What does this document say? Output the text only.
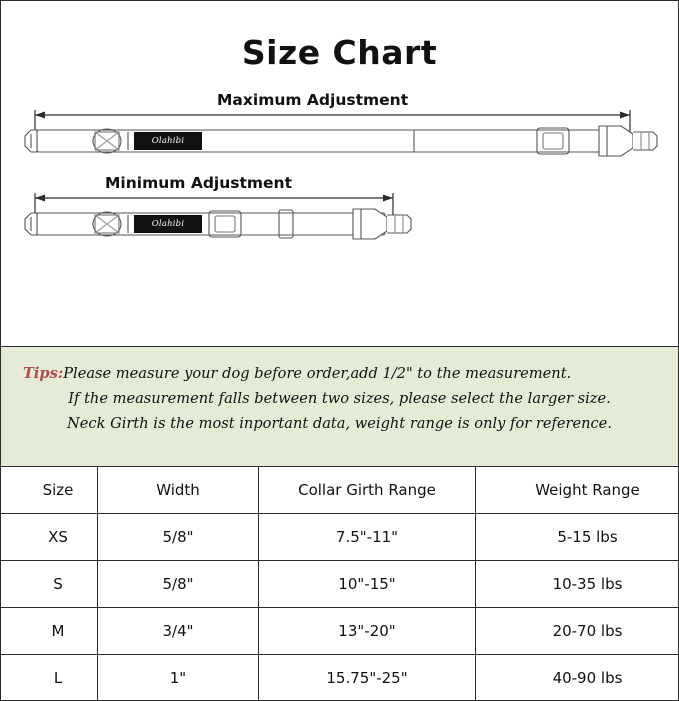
Size Chart
Maximum Adjustment
Minimum Adjustment
Olahibi
Olahibi
Tips:Please measure your dog before order,add 1/2" to the measurement.
If the measurement falls between two sizes, please select the larger size.
Neck Girth is the most inportant data, weight range is only for reference.
Size	Width	Collar Girth Range	Weight Range
XS	5/8"	7.5"-11"	5-15 lbs
S	5/8"	10"-15"	10-35 lbs
M	3/4"	13"-20"	20-70 lbs
L	1"	15.75"-25"	40-90 lbs
